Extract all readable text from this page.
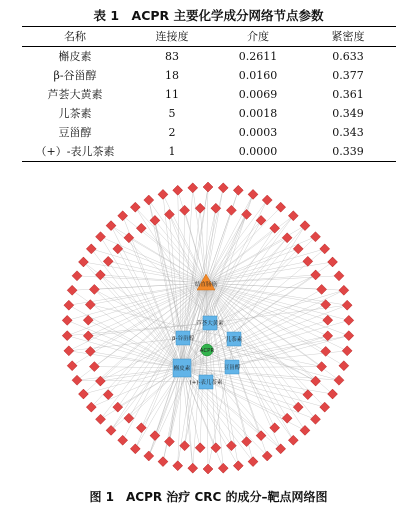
表 1　ACPR 主要化学成分网络节点参数
名称	连接度	介度	紧密度
槲皮素	83	0.2611	0.633
β-谷甾醇	18	0.0160	0.377
芦荟大黄素	11	0.0069	0.361
儿茶素	5	0.0018	0.349
豆甾醇	2	0.0003	0.343
（+）-表儿茶素	1	0.0000	0.339
结直肠癌
ACPR
槲皮素
β-谷甾醇
芦荟大黄素
儿茶素
豆甾醇
(+)-表儿茶素
图 1　ACPR 治疗 CRC 的成分–靶点网络图
